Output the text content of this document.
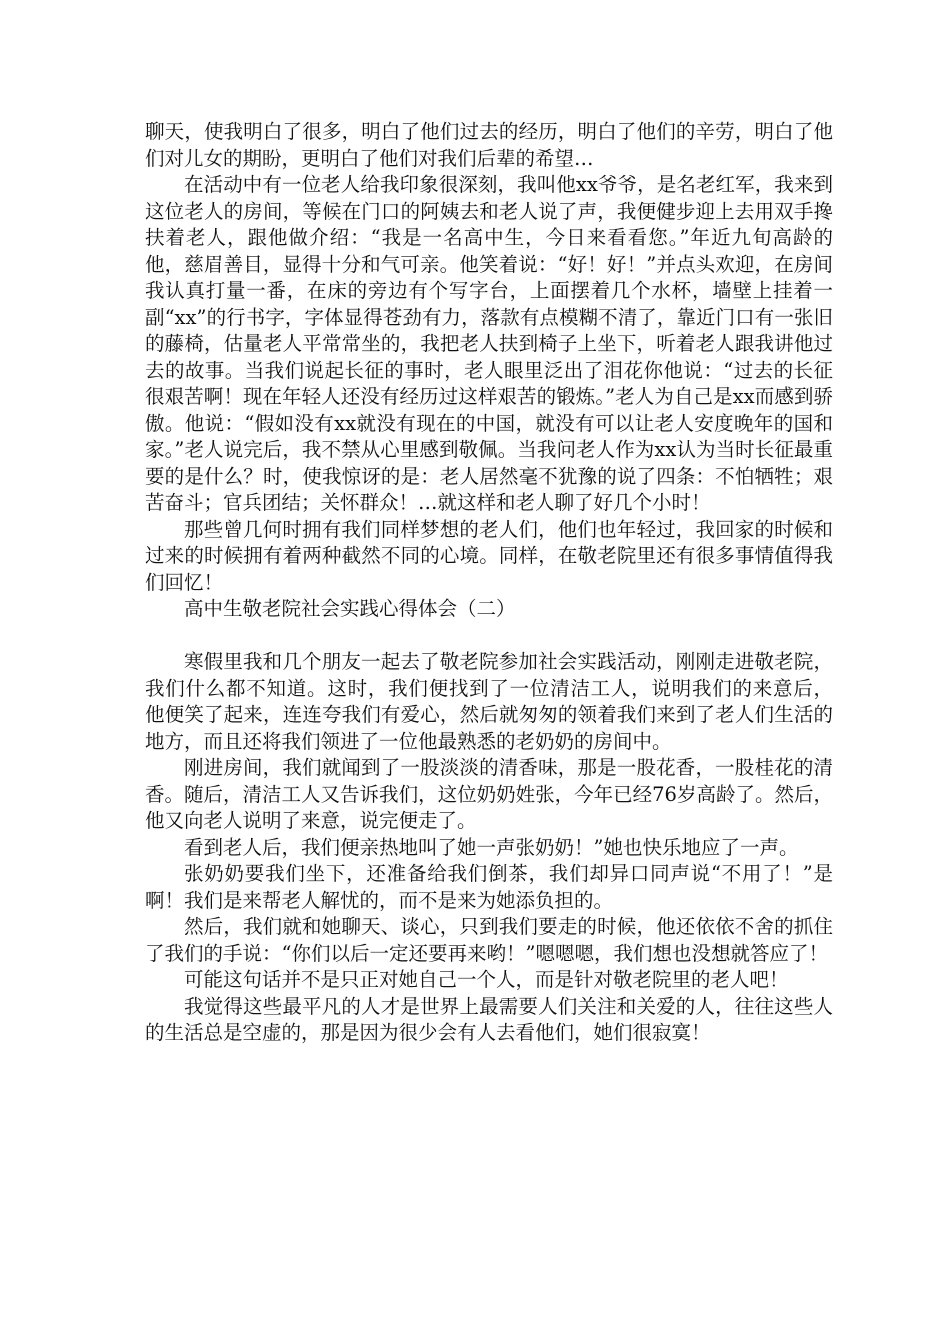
聊天，使我明白了很多，明白了他们过去的经历，明白了他们的辛劳，明白了他们对儿女的期盼，更明白了他们对我们后辈的希望…

在活动中有一位老人给我印象很深刻，我叫他xx爷爷，是名老红军，我来到这位老人的房间，等候在门口的阿姨去和老人说了声，我便健步迎上去用双手搀扶着老人，跟他做介绍：“我是一名高中生，今日来看看您。”年近九旬高龄的他，慈眉善目，显得十分和气可亲。他笑着说：“好！好！”并点头欢迎，在房间我认真打量一番，在床的旁边有个写字台，上面摆着几个水杯，墙壁上挂着一副“xx”的行书字，字体显得苍劲有力，落款有点模糊不清了，靠近门口有一张旧的藤椅，估量老人平常常坐的，我把老人扶到椅子上坐下，听着老人跟我讲他过去的故事。当我们说起长征的事时，老人眼里泛出了泪花你他说：“过去的长征很艰苦啊！现在年轻人还没有经历过这样艰苦的锻炼。”老人为自己是xx而感到骄傲。他说：“假如没有xx就没有现在的中国，就没有可以让老人安度晚年的国和家。”老人说完后，我不禁从心里感到敬佩。当我问老人作为xx认为当时长征最重要的是什么？时，使我惊讶的是：老人居然毫不犹豫的说了四条：不怕牺牲；艰苦奋斗；官兵团结；关怀群众！…就这样和老人聊了好几个小时！

那些曾几何时拥有我们同样梦想的老人们，他们也年轻过，我回家的时候和过来的时候拥有着两种截然不同的心境。同样，在敬老院里还有很多事情值得我们回忆！

高中生敬老院社会实践心得体会（二）

寒假里我和几个朋友一起去了敬老院参加社会实践活动，刚刚走进敬老院，我们什么都不知道。这时，我们便找到了一位清洁工人，说明我们的来意后， 他便笑了起来，连连夸我们有爱心，然后就匆匆的领着我们来到了老人们生活的地方，而且还将我们领进了一位他最熟悉的老奶奶的房间中。

刚进房间，我们就闻到了一股淡淡的清香味，那是一股花香，一股桂花的清香。随后，清洁工人又告诉我们，这位奶奶姓张，今年已经76岁高龄了。然后，他又向老人说明了来意，说完便走了。

看到老人后，我们便亲热地叫了她一声张奶奶！”她也快乐地应了一声。

张奶奶要我们坐下，还准备给我们倒茶，我们却异口同声说“不用了！”是啊！我们是来帮老人解忧的，而不是来为她添负担的。

然后，我们就和她聊天、谈心，只到我们要走的时候，他还依依不舍的抓住了我们的手说：“你们以后一定还要再来哟！”嗯嗯嗯，我们想也没想就答应了！

可能这句话并不是只正对她自己一个人，而是针对敬老院里的老人吧！

我觉得这些最平凡的人才是世界上最需要人们关注和关爱的人，往往这些人的生活总是空虚的，那是因为很少会有人去看他们，她们很寂寞！
